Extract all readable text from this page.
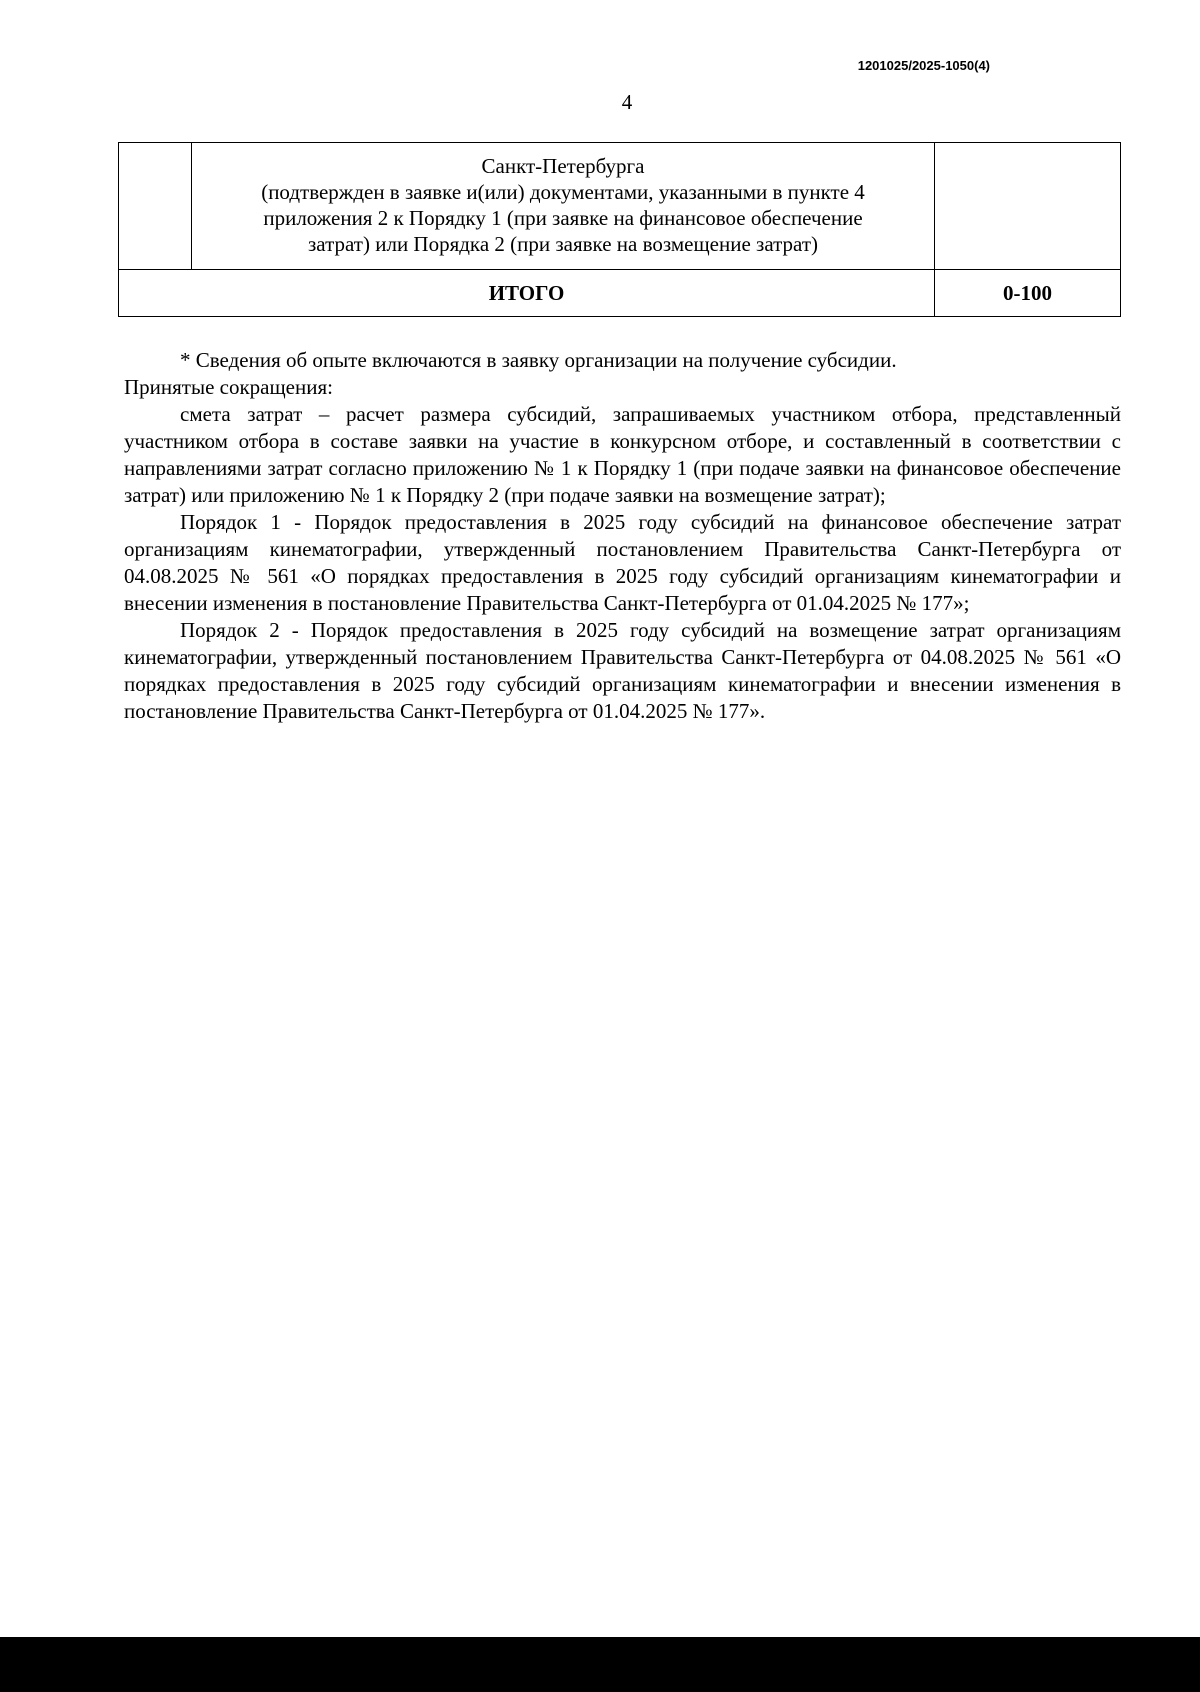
1201025/2025-1050(4)
4

	Санкт-Петербурга
(подтвержден в заявке и(или) документами, указанными в пункте 4
приложения 2 к Порядку 1 (при заявке на финансовое обеспечение
затрат) или Порядка 2 (при заявке на возмещение затрат)	

ИТОГО		0-100

* Сведения об опыте включаются в заявку организации на получение субсидии.

Принятые сокращения:

смета затрат – расчет размера субсидий, запрашиваемых участником отбора, представленный участником отбора в составе заявки на участие в конкурсном отборе, и составленный в соответствии с направлениями затрат согласно приложению № 1 к Порядку 1 (при подаче заявки на финансовое обеспечение затрат) или приложению № 1 к Порядку 2 (при подаче заявки на возмещение затрат);

Порядок 1 - Порядок предоставления в 2025 году субсидий на финансовое обеспечение затрат организациям кинематографии, утвержденный постановлением Правительства Санкт-Петербурга от 04.08.2025 № 561 «О порядках предоставления в 2025 году субсидий организациям кинематографии и внесении изменения в постановление Правительства Санкт-Петербурга от 01.04.2025 № 177»;

Порядок 2 - Порядок предоставления в 2025 году субсидий на возмещение затрат организациям кинематографии, утвержденный постановлением Правительства Санкт-Петербурга от 04.08.2025 № 561 «О порядках предоставления в 2025 году субсидий организациям кинематографии и внесении изменения в постановление Правительства Санкт-Петербурга от 01.04.2025 № 177».
